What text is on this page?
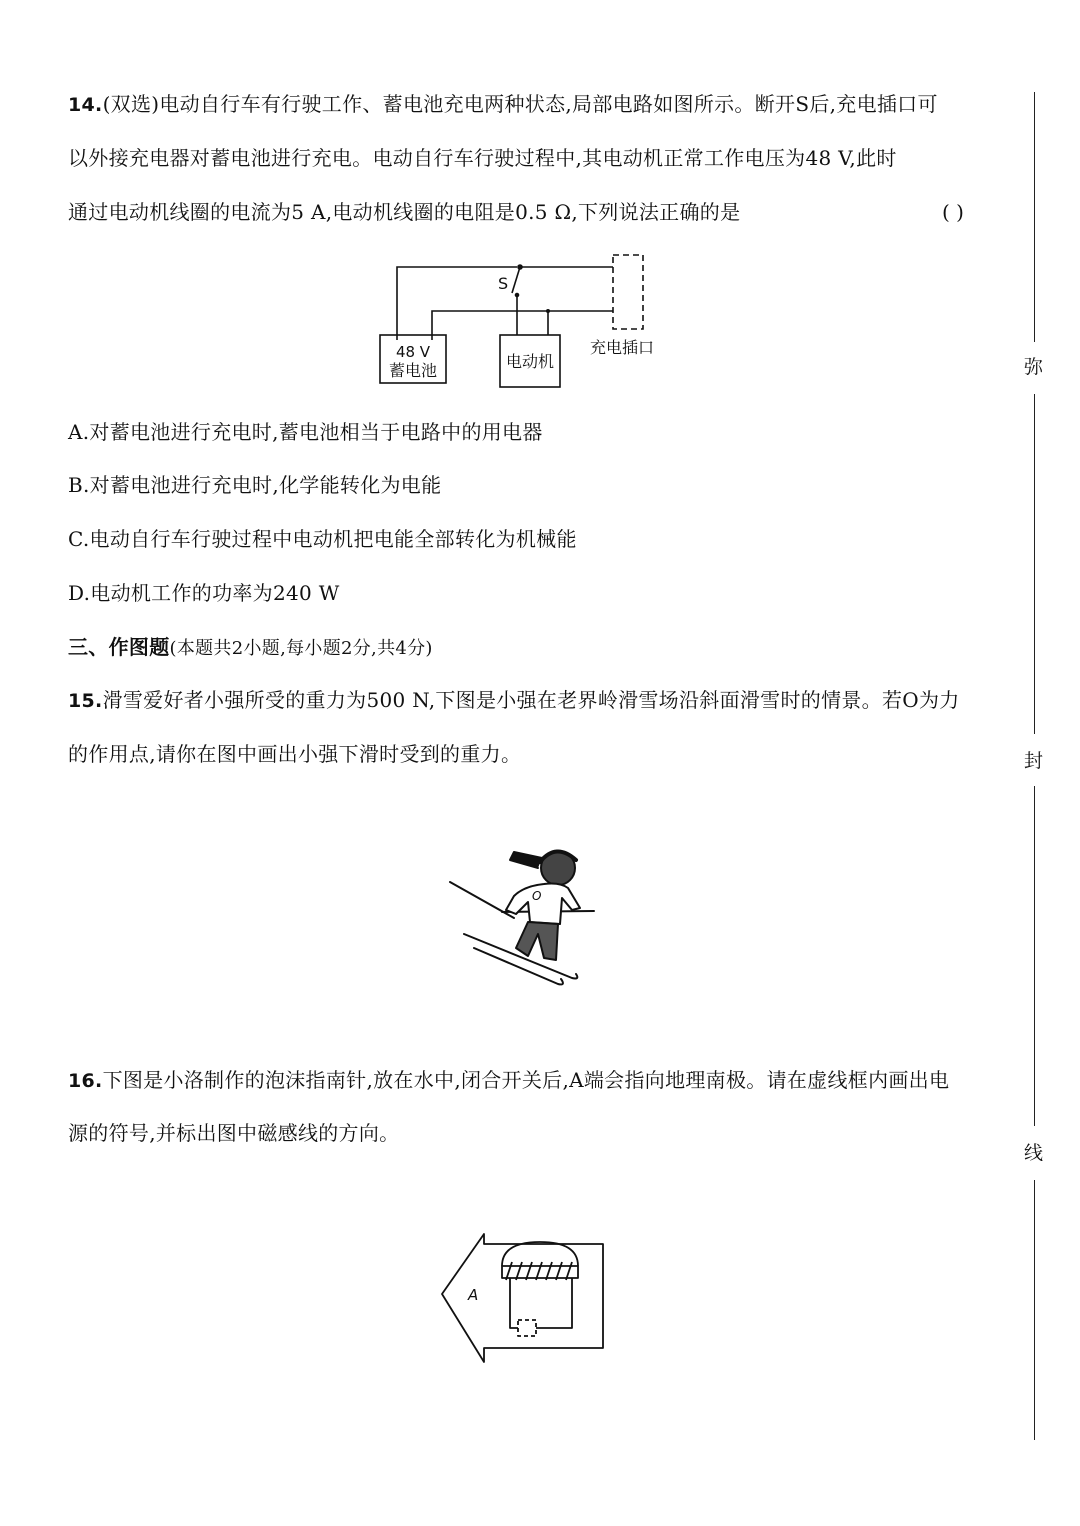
14.(双选)电动自行车有行驶工作、蓄电池充电两种状态,局部电路如图所示。断开S后,充电插口可
以外接充电器对蓄电池进行充电。电动自行车行驶过程中,其电动机正常工作电压为48 V,此时
通过电动机线圈的电流为5 A,电动机线圈的电阻是0.5 Ω,下列说法正确的是	( )
S
48 V
蓄电池	电动机
充电插口
A.对蓄电池进行充电时,蓄电池相当于电路中的用电器
B.对蓄电池进行充电时,化学能转化为电能
C.电动自行车行驶过程中电动机把电能全部转化为机械能
D.电动机工作的功率为240 W
三、作图题(本题共2小题,每小题2分,共4分)
15.滑雪爱好者小强所受的重力为500 N,下图是小强在老界岭滑雪场沿斜面滑雪时的情景。若O为力
的作用点,请你在图中画出小强下滑时受到的重力。
O
16.下图是小洛制作的泡沫指南针,放在水中,闭合开关后,A端会指向地理南极。请在虚线框内画出电
源的符号,并标出图中磁感线的方向。
A
弥
封
线
